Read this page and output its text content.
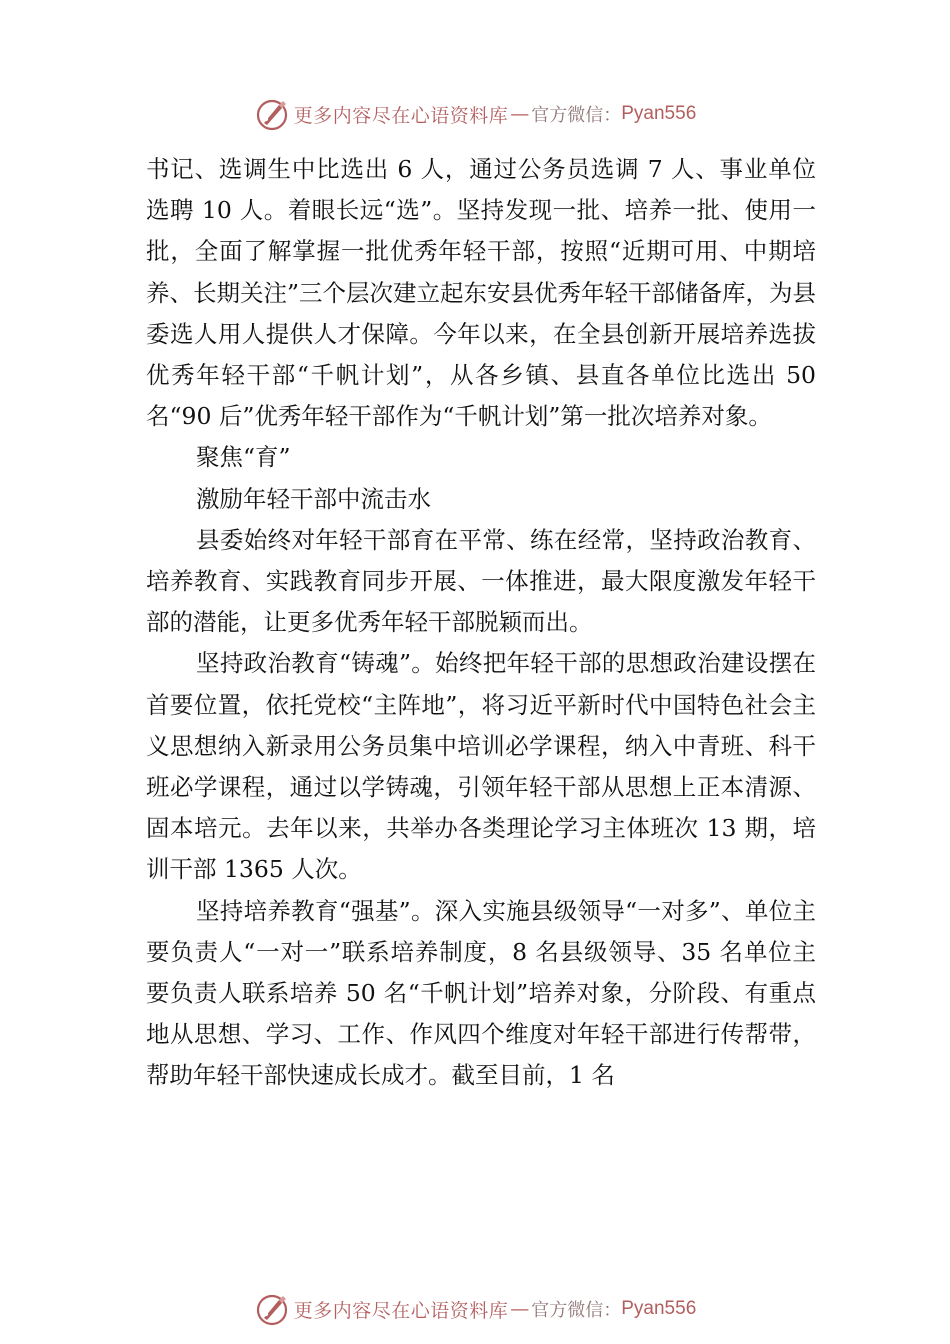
更多内容尽在心语资料库 — 官方微信： Pyan556

书记、选调生中比选出 6 人，通过公务员选调 7 人、事业单位选聘 10 人。着眼长远“选”。坚持发现一批、培养一批、使用一批，全面了解掌握一批优秀年轻干部，按照“近期可用、中期培养、长期关注”三个层次建立起东安县优秀年轻干部储备库，为县委选人用人提供人才保障。今年以来，在全县创新开展培养选拔优秀年轻干部“千帆计划”，从各乡镇、县直各单位比选出 50 名“90 后”优秀年轻干部作为“千帆计划”第一批次培养对象。

聚焦“育”

激励年轻干部中流击水

县委始终对年轻干部育在平常、练在经常，坚持政治教育、培养教育、实践教育同步开展、一体推进，最大限度激发年轻干部的潜能，让更多优秀年轻干部脱颖而出。

坚持政治教育“铸魂”。始终把年轻干部的思想政治建设摆在首要位置，依托党校“主阵地”，将习近平新时代中国特色社会主义思想纳入新录用公务员集中培训必学课程，纳入中青班、科干班必学课程，通过以学铸魂，引领年轻干部从思想上正本清源、固本培元。去年以来，共举办各类理论学习主体班次 13 期，培训干部 1365 人次。

坚持培养教育“强基”。深入实施县级领导“一对多”、单位主要负责人“一对一”联系培养制度，8 名县级领导、35 名单位主要负责人联系培养 50 名“千帆计划”培养对象，分阶段、有重点地从思想、学习、工作、作风四个维度对年轻干部进行传帮带，帮助年轻干部快速成长成才。截至目前，1 名

更多内容尽在心语资料库 — 官方微信： Pyan556
